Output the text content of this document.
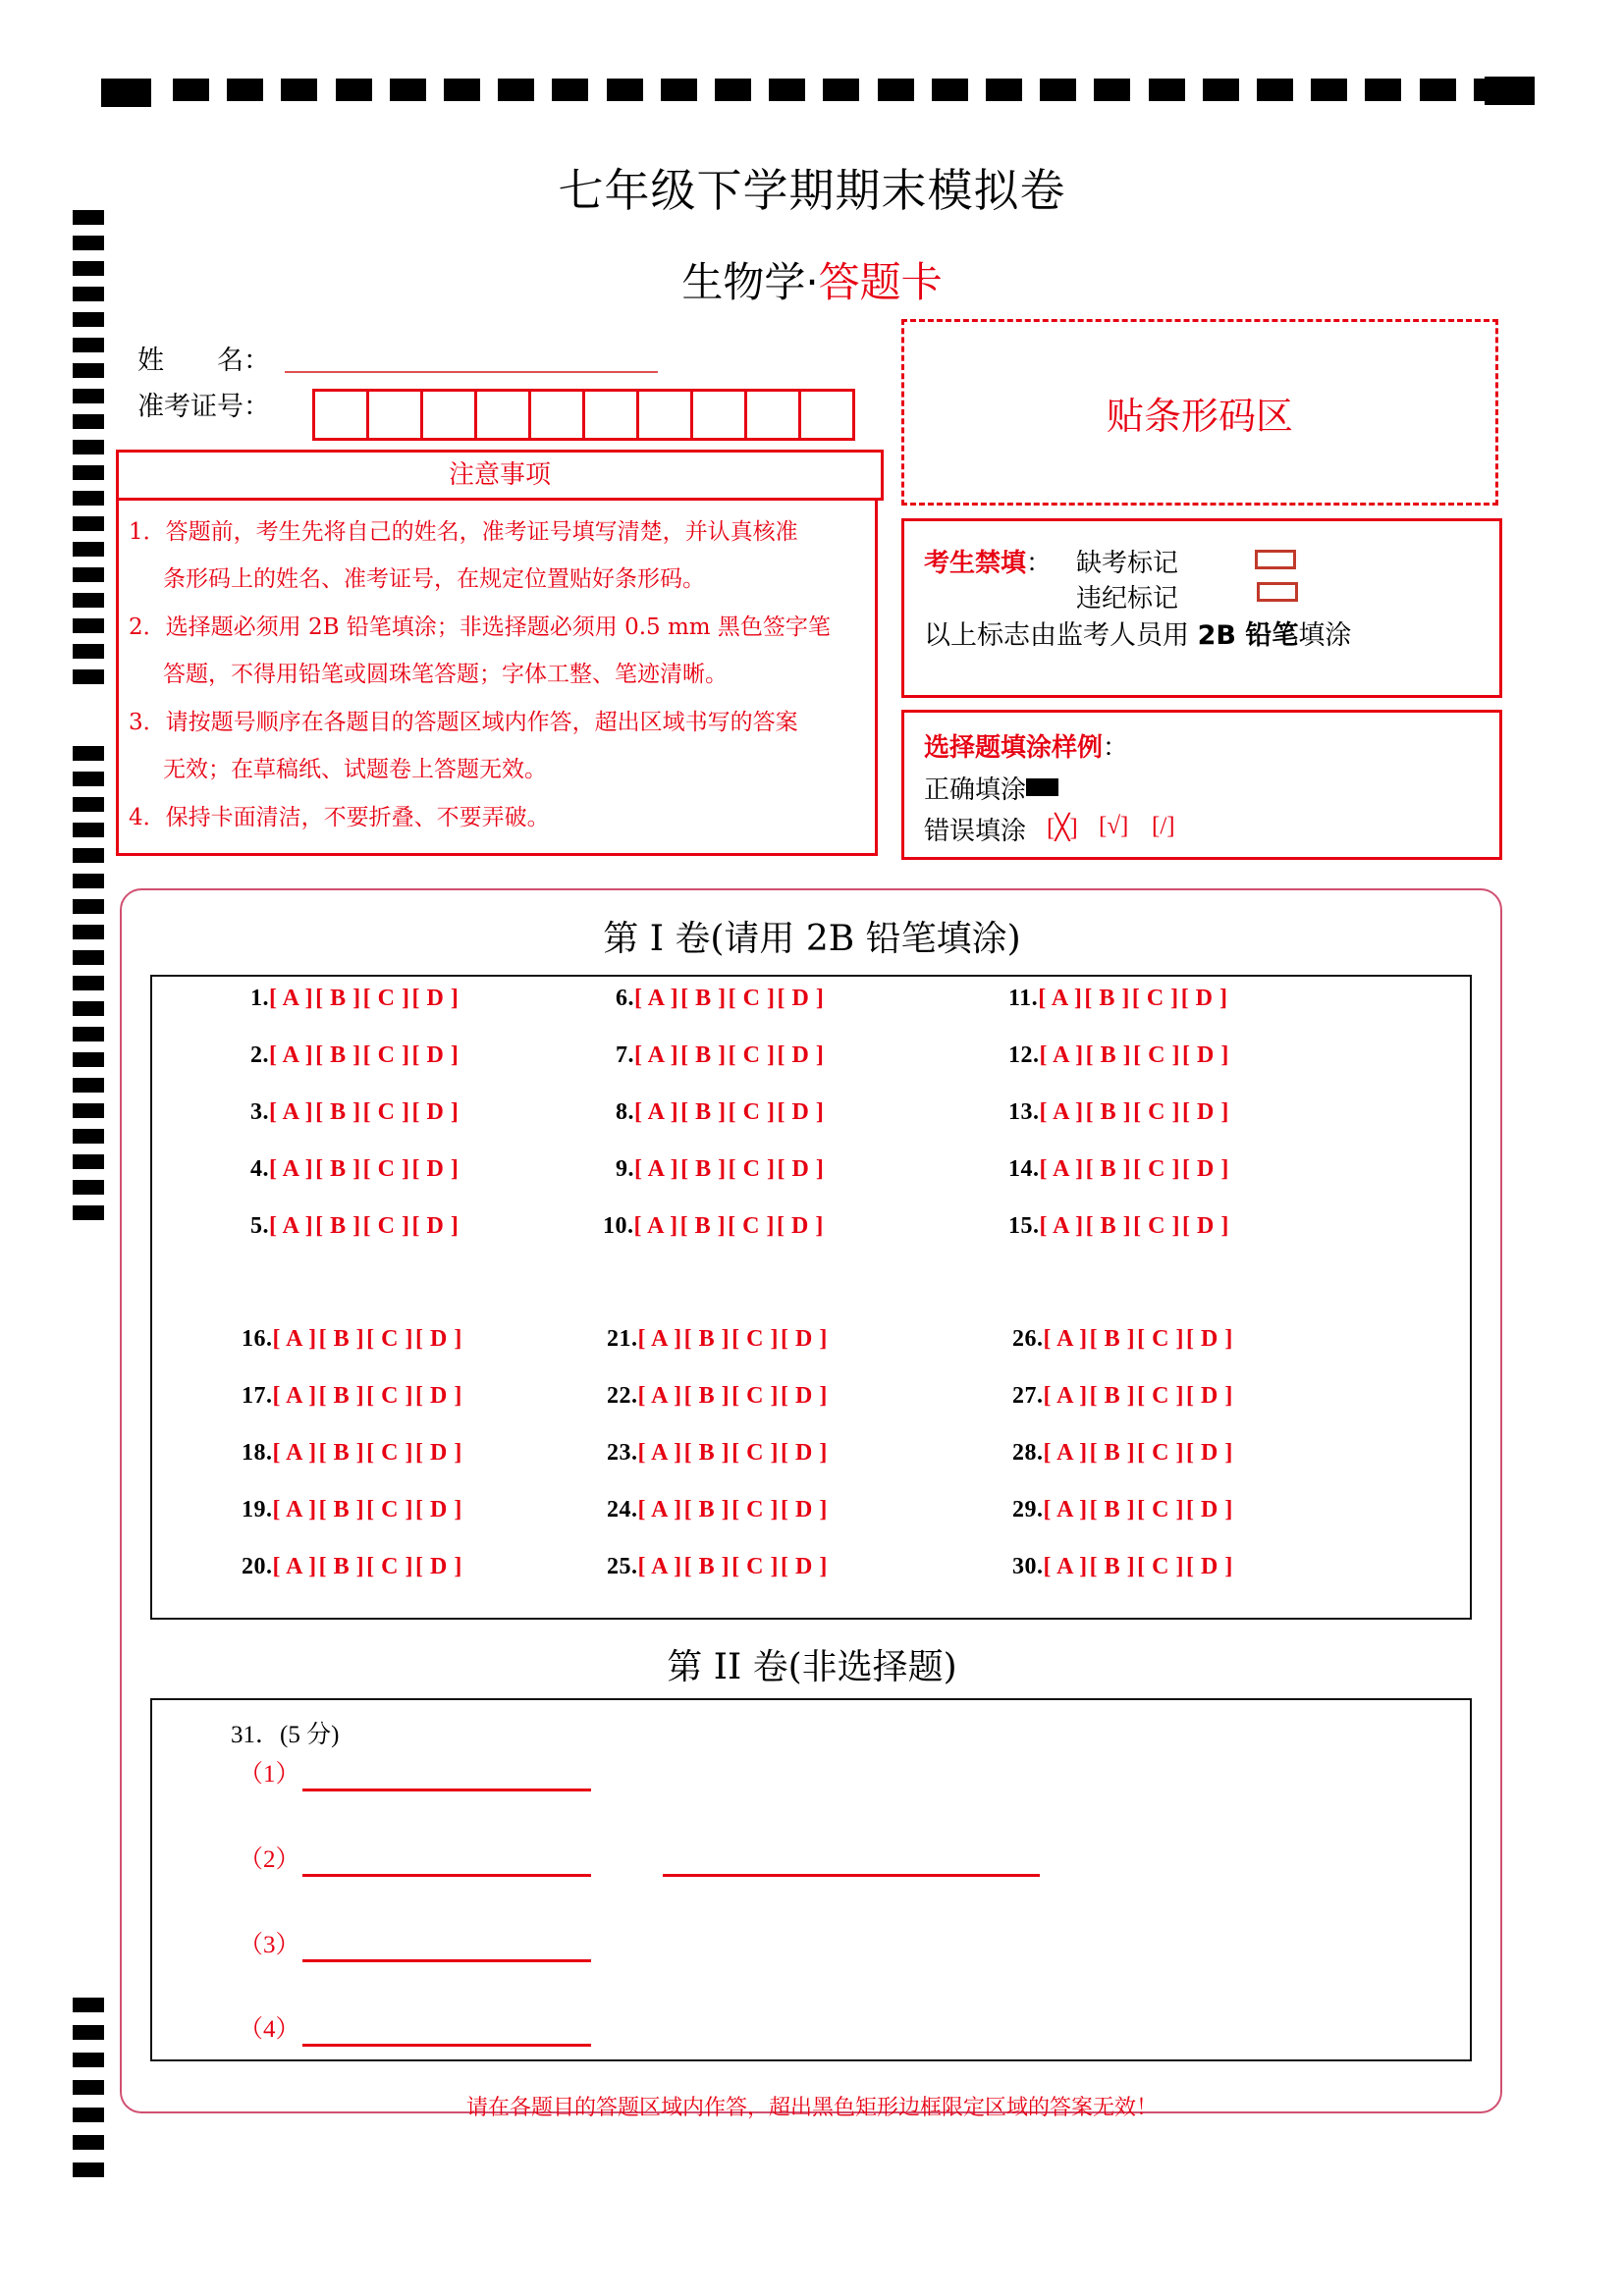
七年级下学期期末模拟卷
生物学·答题卡
姓　　名：
准考证号：
注意事项
1．答题前，考生先将自己的姓名，准考证号填写清楚，并认真核准
条形码上的姓名、准考证号，在规定位置贴好条形码。
2．选择题必须用 2B 铅笔填涂；非选择题必须用 0.5 mm 黑色签字笔
答题，不得用铅笔或圆珠笔答题；字体工整、笔迹清晰。
3．请按题号顺序在各题目的答题区域内作答，超出区域书写的答案
无效；在草稿纸、试题卷上答题无效。
4．保持卡面清洁，不要折叠、不要弄破。
贴条形码区
考生禁填： 缺考标记
违纪标记
以上标志由监考人员用 2B 铅笔填涂
选择题填涂样例：
正确填涂
错误填涂 [╳] [√] [/]
第 I 卷(请用 2B 铅笔填涂)
1.[ A ][ B ][ C ][ D ]
2.[ A ][ B ][ C ][ D ]
3.[ A ][ B ][ C ][ D ]
4.[ A ][ B ][ C ][ D ]
5.[ A ][ B ][ C ][ D ]
6.[ A ][ B ][ C ][ D ]
7.[ A ][ B ][ C ][ D ]
8.[ A ][ B ][ C ][ D ]
9.[ A ][ B ][ C ][ D ]
10.[ A ][ B ][ C ][ D ]
11.[ A ][ B ][ C ][ D ]
12.[ A ][ B ][ C ][ D ]
13.[ A ][ B ][ C ][ D ]
14.[ A ][ B ][ C ][ D ]
15.[ A ][ B ][ C ][ D ]
16.[ A ][ B ][ C ][ D ]
17.[ A ][ B ][ C ][ D ]
18.[ A ][ B ][ C ][ D ]
19.[ A ][ B ][ C ][ D ]
20.[ A ][ B ][ C ][ D ]
21.[ A ][ B ][ C ][ D ]
22.[ A ][ B ][ C ][ D ]
23.[ A ][ B ][ C ][ D ]
24.[ A ][ B ][ C ][ D ]
25.[ A ][ B ][ C ][ D ]
26.[ A ][ B ][ C ][ D ]
27.[ A ][ B ][ C ][ D ]
28.[ A ][ B ][ C ][ D ]
29.[ A ][ B ][ C ][ D ]
30.[ A ][ B ][ C ][ D ]
第 II 卷(非选择题)
31．(5 分)
（1）
（2）
（3）
（4）
请在各题目的答题区域内作答，超出黑色矩形边框限定区域的答案无效！
